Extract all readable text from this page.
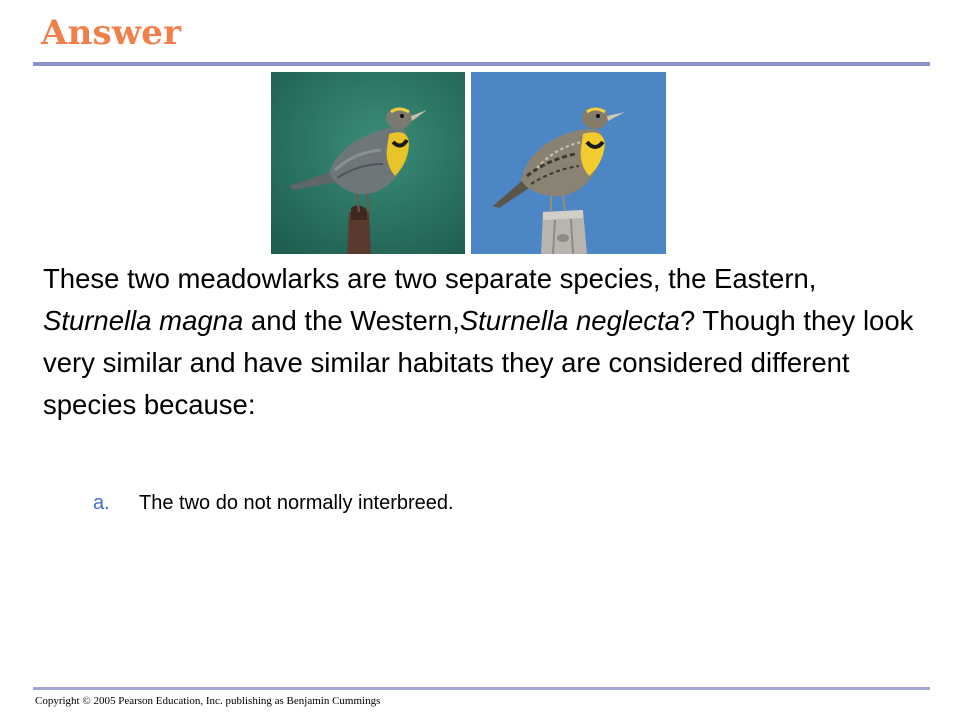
Answer

These two meadowlarks are two separate species, the Eastern, Sturnella magna and the Western,Sturnella neglecta? Though they look very similar and have similar habitats they are considered different species because:

a. The two do not normally interbreed.

Copyright © 2005 Pearson Education, Inc. publishing as Benjamin Cummings
